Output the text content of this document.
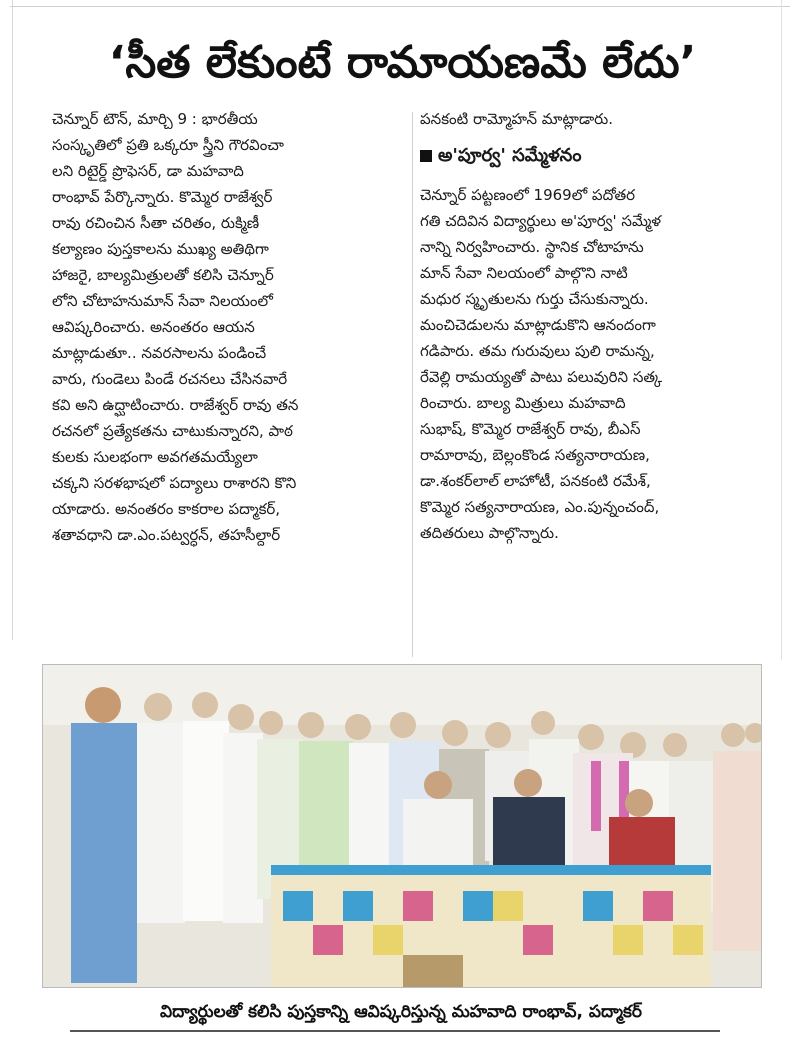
‘సీత లేకుంటే రామాయణమే లేదు’
చెన్నూర్ టౌన్, మార్చి 9 : భారతీయ
సంస్కృతిలో ప్రతి ఒక్కరూ స్త్రీని గౌరవించా
లని రిటైర్డ్ ప్రొఫెసర్, డా మహవాది
రాంభావ్ పేర్కొన్నారు. కొమ్మెర రాజేశ్వర్
రావు రచించిన సీతా చరితం, రుక్మిణీ
కల్యాణం పుస్తకాలను ముఖ్య అతిథిగా
హాజరై, బాల్యమిత్రులతో కలిసి చెన్నూర్
లోని చోటాహనుమాన్ సేవా నిలయంలో
ఆవిష్కరించారు. అనంతరం ఆయన
మాట్లాడుతూ.. నవరసాలను పండించే
వారు, గుండెలు పిండే రచనలు చేసినవారే
కవి అని ఉద్ఘాటించారు. రాజేశ్వర్ రావు తన
రచనలో ప్రత్యేకతను చాటుకున్నారని, పాఠ
కులకు సులభంగా అవగతమయ్యేలా
చక్కని సరళభాషలో పద్యాలు రాశారని కొని
యాడారు. అనంతరం కాకరాల పద్మాకర్,
శతావధాని డా.ఎం.పట్వర్ధన్, తహసీల్దార్
పనకంటి రామ్మోహన్ మాట్లాడారు.
అ'పూర్వ' సమ్మేళనం
చెన్నూర్ పట్టణంలో 1969లో పదోతర
గతి చదివిన విద్యార్థులు అ'పూర్వ' సమ్మేళ
నాన్ని నిర్వహించారు. స్థానిక చోటాహను
మాన్ సేవా నిలయంలో పాల్గొని నాటి
మధుర స్మృతులను గుర్తు చేసుకున్నారు.
మంచిచెడులను మాట్లాడుకొని ఆనందంగా
గడిపారు. తమ గురువులు పులి రామన్న,
రేవెల్లి రామయ్యతో పాటు పలువురిని సత్క
రించారు. బాల్య మిత్రులు మహవాది
సుభాష్, కొమ్మెర రాజేశ్వర్ రావు, బీఎస్
రామారావు, బెల్లంకొండ సత్యనారాయణ,
డా.శంకర్‌లాల్ లాహోటీ, పనకంటి రమేశ్,
కొమ్మెర సత్యనారాయణ, ఎం.పున్నంచంద్,
తదితరులు పాల్గొన్నారు.
విద్యార్థులతో కలిసి పుస్తకాన్ని ఆవిష్కరిస్తున్న మహవాది రాంభావ్, పద్మాకర్
